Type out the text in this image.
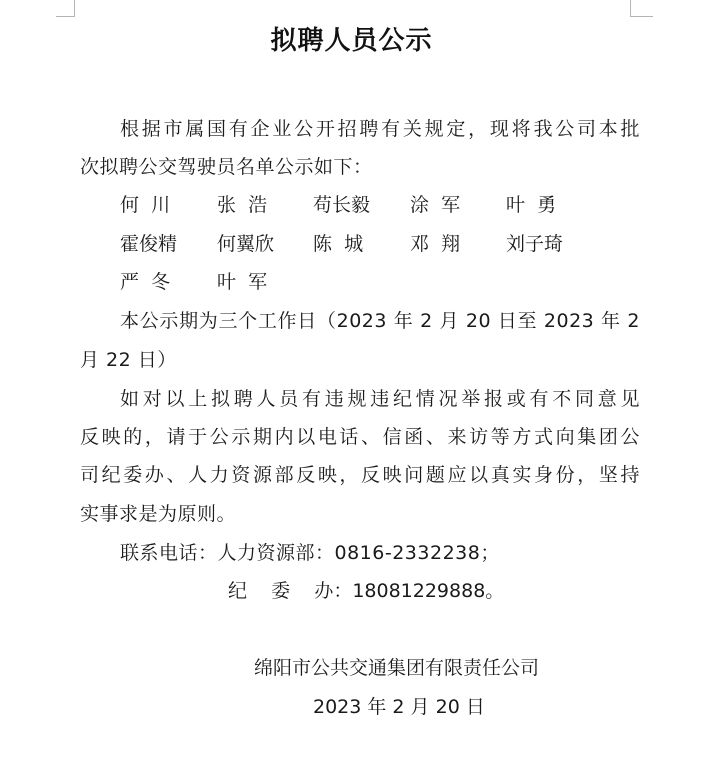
拟聘人员公示
根据市属国有企业公开招聘有关规定，现将我公司本批
次拟聘公交驾驶员名单公示如下：
何  川 张  浩 苟长毅 涂  军 叶  勇
霍俊精 何翼欣 陈  城 邓  翔 刘子琦
严  冬 叶  军
本公示期为三个工作日（2023 年 2 月 20 日至 2023 年 2
月 22 日）
如对以上拟聘人员有违规违纪情况举报或有不同意见
反映的，请于公示期内以电话、信函、来访等方式向集团公
司纪委办、人力资源部反映，反映问题应以真实身份，坚持
实事求是为原则。
联系电话：人力资源部：0816-2332238；
纪    委    办：18081229888。
绵阳市公共交通集团有限责任公司
2023 年 2 月 20 日
